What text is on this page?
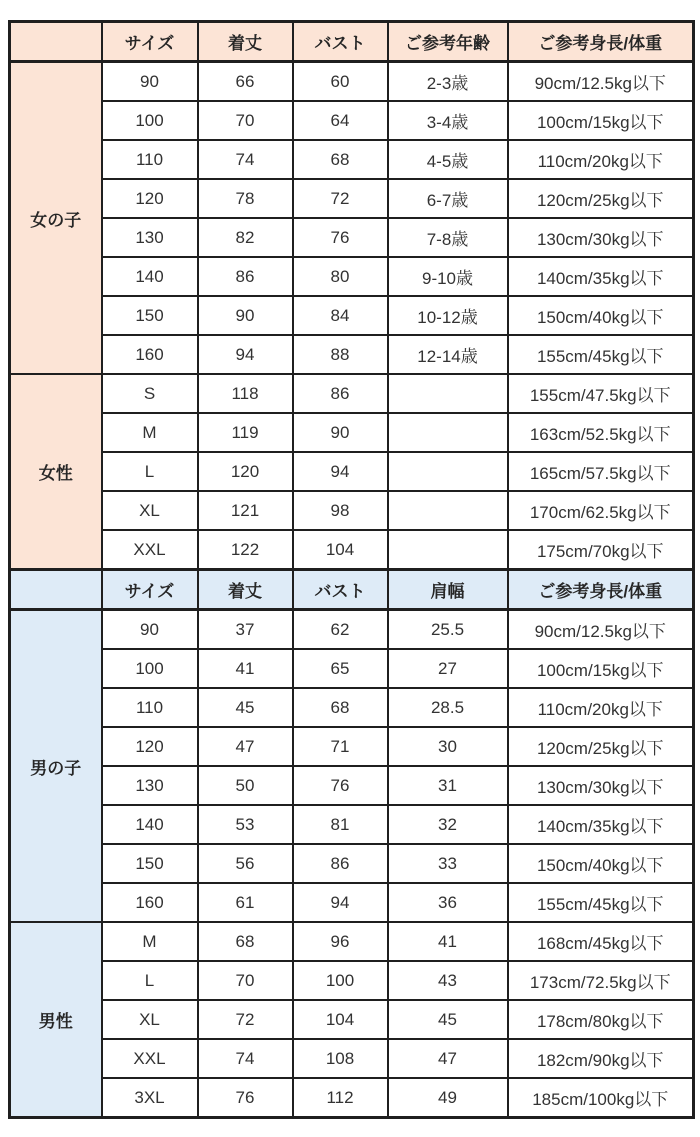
	サイズ	着丈	バスト	ご参考年齢	ご参考身長/体重
女の子	90	66	60	2-3歳	90cm/12.5kg以下
	100	70	64	3-4歳	100cm/15kg以下
	110	74	68	4-5歳	110cm/20kg以下
	120	78	72	6-7歳	120cm/25kg以下
	130	82	76	7-8歳	130cm/30kg以下
	140	86	80	9-10歳	140cm/35kg以下
	150	90	84	10-12歳	150cm/40kg以下
	160	94	88	12-14歳	155cm/45kg以下
女性	S	118	86		155cm/47.5kg以下
	M	119	90		163cm/52.5kg以下
	L	120	94		165cm/57.5kg以下
	XL	121	98		170cm/62.5kg以下
	XXL	122	104		175cm/70kg以下
	サイズ	着丈	バスト	肩幅	ご参考身長/体重
男の子	90	37	62	25.5	90cm/12.5kg以下
	100	41	65	27	100cm/15kg以下
	110	45	68	28.5	110cm/20kg以下
	120	47	71	30	120cm/25kg以下
	130	50	76	31	130cm/30kg以下
	140	53	81	32	140cm/35kg以下
	150	56	86	33	150cm/40kg以下
	160	61	94	36	155cm/45kg以下
男性	M	68	96	41	168cm/45kg以下
	L	70	100	43	173cm/72.5kg以下
	XL	72	104	45	178cm/80kg以下
	XXL	74	108	47	182cm/90kg以下
	3XL	76	112	49	185cm/100kg以下
